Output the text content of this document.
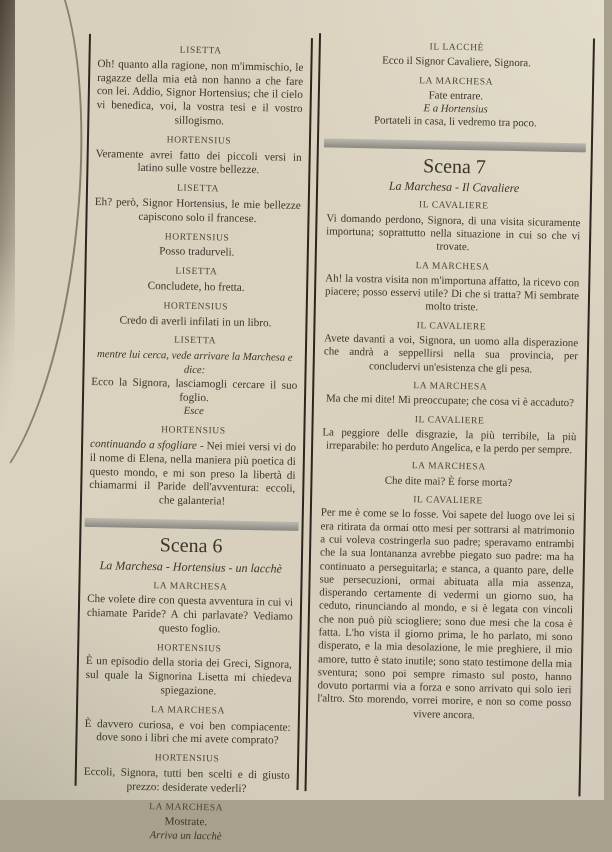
LISETTA

Oh! quanto alla ragione, non m'immischio, le ragazze della mia età non hanno a che fare con lei. Addio, Signor Hortensius; che il cielo vi benedica, voi, la vostra tesi e il vostro sillogismo.

HORTENSIUS

Veramente avrei fatto dei piccoli versi in latino sulle vostre bellezze.

LISETTA

Eh? però, Signor Hortensius, le mie bellezze capiscono solo il francese.

HORTENSIUS

Posso tradurveli.

LISETTA

Concludete, ho fretta.

HORTENSIUS

Credo di averli infilati in un libro.

LISETTA

mentre lui cerca, vede arrivare la Marchesa e dice:

Ecco la Signora, lasciamogli cercare il suo foglio.

Esce

HORTENSIUS

continuando a sfogliare - Nei miei versi vi do il nome di Elena, nella maniera più poetica di questo mondo, e mi son preso la libertà di chiamarmi il Paride dell'avventura: eccoli, che galanteria!

Scena 6

La Marchesa - Hortensius - un lacchè

LA MARCHESA

Che volete dire con questa avventura in cui vi chiamate Paride? A chi parlavate? Vediamo questo foglio.

HORTENSIUS

È un episodio della storia dei Greci, Signora, sul quale la Signorina Lisetta mi chiedeva spiegazione.

LA MARCHESA

È davvero curiosa, e voi ben compiacente: dove sono i libri che mi avete comprato?

HORTENSIUS

Eccoli, Signora, tutti ben scelti e di giusto prezzo: desiderate vederli?

LA MARCHESA

Mostrate.

Arriva un lacchè

IL LACCHÈ

Ecco il Signor Cavaliere, Signora.

LA MARCHESA

Fate entrare.

E a Hortensius

Portateli in casa, li vedremo tra poco.

Scena 7

La Marchesa - Il Cavaliere

IL CAVALIERE

Vi domando perdono, Signora, di una visita sicuramente importuna; soprattutto nella situazione in cui so che vi trovate.

LA MARCHESA

Ah! la vostra visita non m'importuna affatto, la ricevo con piacere; posso esservi utile? Di che si tratta? Mi sembrate molto triste.

IL CAVALIERE

Avete davanti a voi, Signora, un uomo alla disperazione che andrà a seppellirsi nella sua provincia, per concludervi un'esistenza che gli pesa.

LA MARCHESA

Ma che mi dite! Mi preoccupate; che cosa vi è accaduto?

IL CAVALIERE

La peggiore delle disgrazie, la più terribile, la più irreparabile: ho perduto Angelica, e la perdo per sempre.

LA MARCHESA

Che dite mai? È forse morta?

IL CAVALIERE

Per me è come se lo fosse. Voi sapete del luogo ove lei si era ritirata da ormai otto mesi per sottrarsi al matrimonio a cui voleva costringerla suo padre; speravamo entrambi che la sua lontananza avrebbe piegato suo padre: ma ha continuato a perseguitarla; e stanca, a quanto pare, delle sue persecuzioni, ormai abituata alla mia assenza, disperando certamente di vedermi un giorno suo, ha ceduto, rinunciando al mondo, e si è legata con vincoli che non può più sciogliere; sono due mesi che la cosa è fatta. L'ho vista il giorno prima, le ho parlato, mi sono disperato, e la mia desolazione, le mie preghiere, il mio amore, tutto è stato inutile; sono stato testimone della mia sventura; sono poi sempre rimasto sul posto, hanno dovuto portarmi via a forza e sono arrivato qui solo ieri l'altro. Sto morendo, vorrei morire, e non so come posso vivere ancora.
